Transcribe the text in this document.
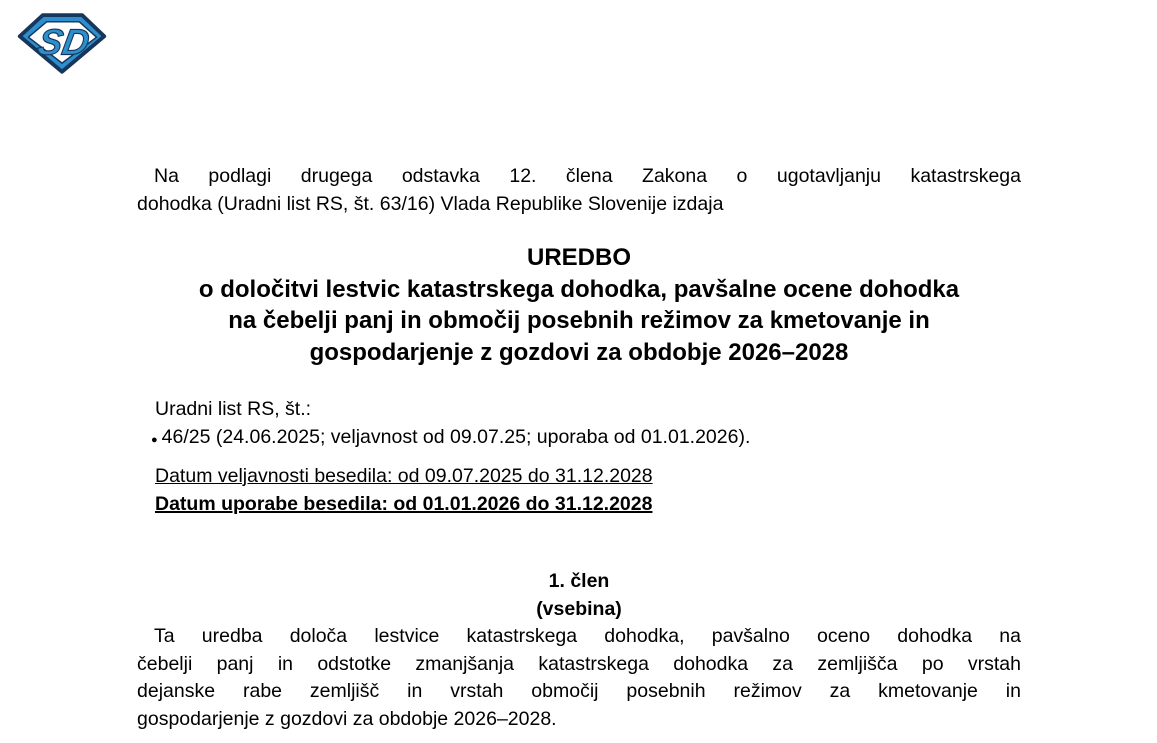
SD
Na podlagi drugega odstavka 12. člena Zakona o ugotavljanju katastrskega
dohodka (Uradni list RS, št. 63/16) Vlada Republike Slovenije izdaja
UREDBO
o določitvi lestvic katastrskega dohodka, pavšalne ocene dohodka
na čebelji panj in območij posebnih režimov za kmetovanje in
gospodarjenje z gozdovi za obdobje 2026–2028
Uradni list RS, št.:
● 46/25 (24.06.2025; veljavnost od 09.07.25; uporaba od 01.01.2026).
Datum veljavnosti besedila: od 09.07.2025 do 31.12.2028
Datum uporabe besedila: od 01.01.2026 do 31.12.2028
1. člen
(vsebina)
Ta uredba določa lestvice katastrskega dohodka, pavšalno oceno dohodka na
čebelji panj in odstotke zmanjšanja katastrskega dohodka za zemljišča po vrstah
dejanske rabe zemljišč in vrstah območij posebnih režimov za kmetovanje in
gospodarjenje z gozdovi za obdobje 2026–2028.
